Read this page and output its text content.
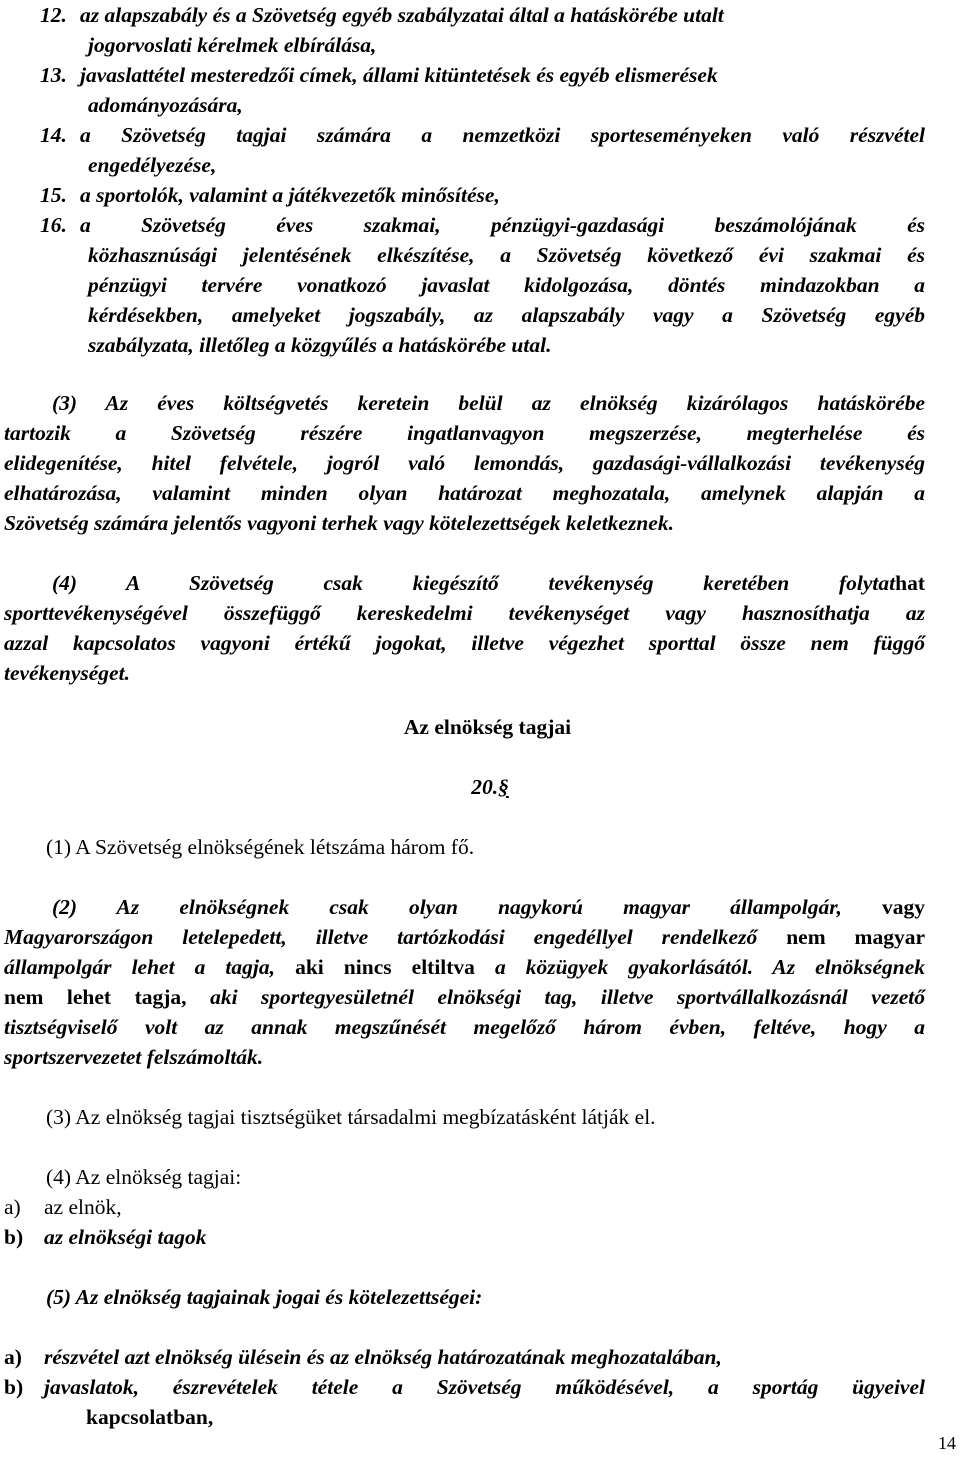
12. az alapszabály és a Szövetség egyéb szabályzatai által a hatáskörébe utalt
jogorvoslati kérelmek elbírálása,
13. javaslattétel mesteredzői címek, állami kitüntetések és egyéb elismerések
adományozására,
14. a Szövetség tagjai számára a nemzetközi sporteseményeken való részvétel
engedélyezése,
15. a sportolók, valamint a játékvezetők minősítése,
16. a Szövetség éves szakmai, pénzügyi-gazdasági beszámolójának és
közhasznúsági jelentésének elkészítése, a Szövetség következő évi szakmai és
pénzügyi tervére vonatkozó javaslat kidolgozása, döntés mindazokban a
kérdésekben, amelyeket jogszabály, az alapszabály vagy a Szövetség egyéb
szabályzata, illetőleg a közgyűlés a hatáskörébe utal.
(3) Az éves költségvetés keretein belül az elnökség kizárólagos hatáskörébe
tartozik a Szövetség részére ingatlanvagyon megszerzése, megterhelése és
elidegenítése, hitel felvétele, jogról való lemondás, gazdasági-vállalkozási tevékenység
elhatározása, valamint minden olyan határozat meghozatala, amelynek alapján a
Szövetség számára jelentős vagyoni terhek vagy kötelezettségek keletkeznek.
(4) A Szövetség csak kiegészítő tevékenység keretében folytathat
sporttevékenységével összefüggő kereskedelmi tevékenységet vagy hasznosíthatja az
azzal kapcsolatos vagyoni értékű jogokat, illetve végezhet sporttal össze nem függő
tevékenységet.
Az elnökség tagjai
20.§
(1) A Szövetség elnökségének létszáma három fő.
(2) Az elnökségnek csak olyan nagykorú magyar állampolgár, vagy
Magyarországon letelepedett, illetve tartózkodási engedéllyel rendelkező nem magyar
állampolgár lehet a tagja, aki nincs eltiltva a közügyek gyakorlásától. Az elnökségnek
nem lehet tagja, aki sportegyesületnél elnökségi tag, illetve sportvállalkozásnál vezető
tisztségviselő volt az annak megszűnését megelőző három évben, feltéve, hogy a
sportszervezetet felszámolták.
(3) Az elnökség tagjai tisztségüket társadalmi megbízatásként látják el.
(4) Az elnökség tagjai:
a) az elnök,
b) az elnökségi tagok
(5) Az elnökség tagjainak jogai és kötelezettségei:
a) részvétel azt elnökség ülésein és az elnökség határozatának meghozatalában,
b) javaslatok, észrevételek tétele a Szövetség működésével, a sportág ügyeivel
kapcsolatban,
14
